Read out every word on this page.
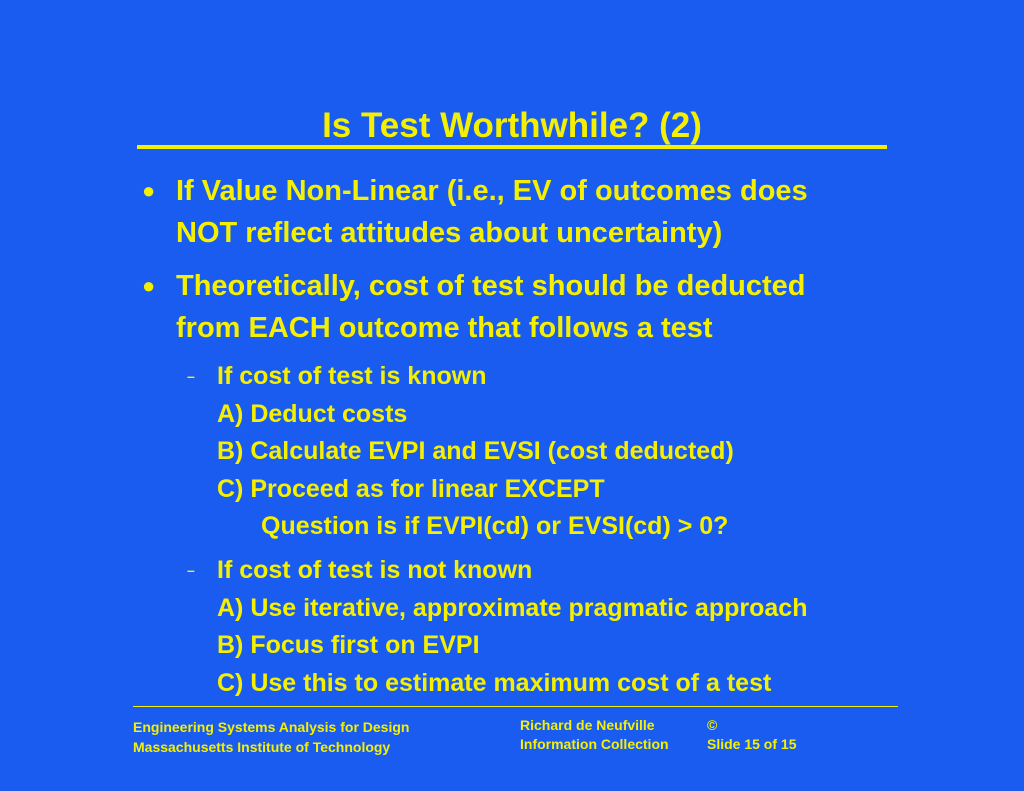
Is Test Worthwhile? (2)
● If Value Non-Linear (i.e., EV of outcomes does
NOT reflect attitudes about uncertainty)
● Theoretically, cost of test should be deducted
from EACH outcome that follows a test
– If cost of test is known
A) Deduct costs
B) Calculate EVPI and EVSI (cost deducted)
C) Proceed as for linear EXCEPT
Question is if EVPI(cd) or EVSI(cd) > 0?
– If cost of test is not known
A) Use iterative, approximate pragmatic approach
B) Focus first on EVPI
C) Use this to estimate maximum cost of a test
Engineering Systems Analysis for Design
Massachusetts Institute of Technology
Richard de Neufville	©
Information Collection	Slide 15 of 15
